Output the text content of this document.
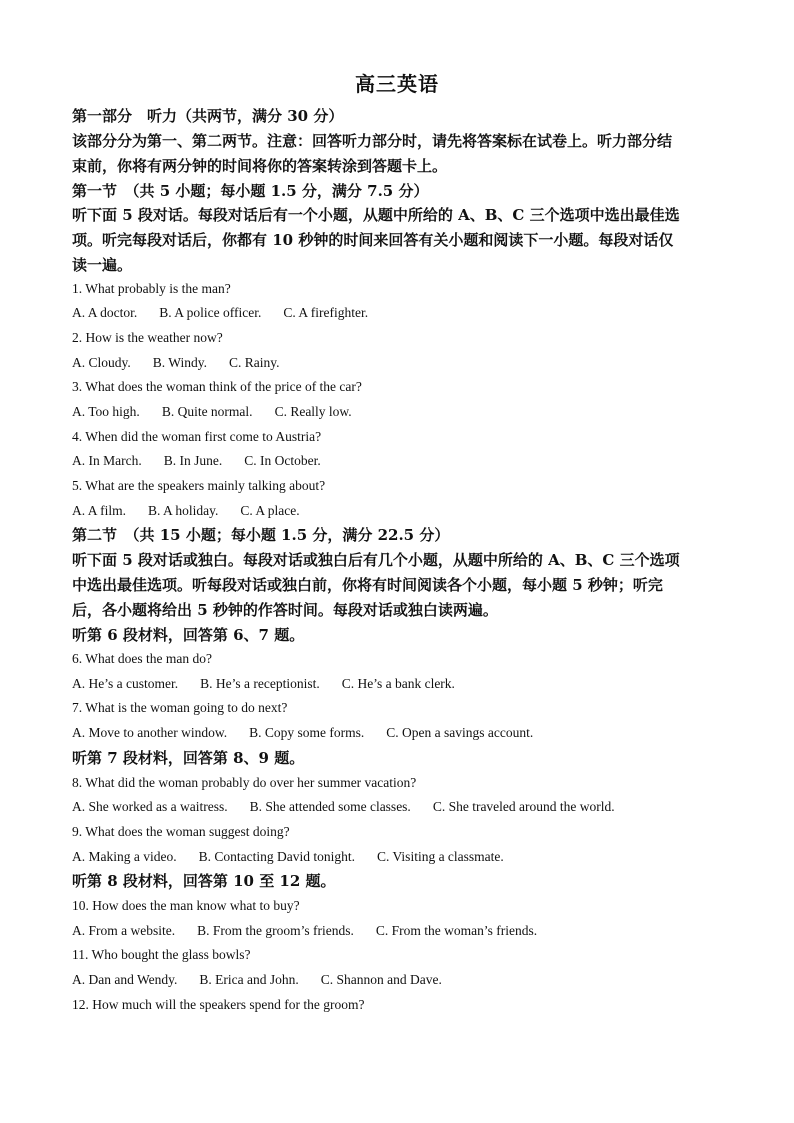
高三英语
第一部分　听力（共两节，满分 30 分）
该部分分为第一、第二两节。注意：回答听力部分时，请先将答案标在试卷上。听力部分结
束前，你将有两分钟的时间将你的答案转涂到答题卡上。
第一节　（共 5 小题；每小题 1.5 分，满分 7.5 分）
听下面 5 段对话。每段对话后有一个小题，从题中所给的 A、B、C 三个选项中选出最佳选
项。听完每段对话后，你都有 10 秒钟的时间来回答有关小题和阅读下一小题。每段对话仅
读一遍。
1. What probably is the man?
A. A doctor. B. A police officer. C. A firefighter.
2. How is the weather now?
A. Cloudy. B. Windy. C. Rainy.
3. What does the woman think of the price of the car?
A. Too high. B. Quite normal. C. Really low.
4. When did the woman first come to Austria?
A. In March. B. In June. C. In October.
5. What are the speakers mainly talking about?
A. A film. B. A holiday. C. A place.
第二节　（共 15 小题；每小题 1.5 分，满分 22.5 分）
听下面 5 段对话或独白。每段对话或独白后有几个小题，从题中所给的 A、B、C 三个选项
中选出最佳选项。听每段对话或独白前，你将有时间阅读各个小题，每小题 5 秒钟；听完
后，各小题将给出 5 秒钟的作答时间。每段对话或独白读两遍。
听第 6 段材料，回答第 6、7 题。
6. What does the man do?
A. He’s a customer. B. He’s a receptionist. C. He’s a bank clerk.
7. What is the woman going to do next?
A. Move to another window. B. Copy some forms. C. Open a savings account.
听第 7 段材料，回答第 8、9 题。
8. What did the woman probably do over her summer vacation?
A. She worked as a waitress. B. She attended some classes. C. She traveled around the world.
9. What does the woman suggest doing?
A. Making a video. B. Contacting David tonight. C. Visiting a classmate.
听第 8 段材料，回答第 10 至 12 题。
10. How does the man know what to buy?
A. From a website. B. From the groom’s friends. C. From the woman’s friends.
11. Who bought the glass bowls?
A. Dan and Wendy. B. Erica and John. C. Shannon and Dave.
12. How much will the speakers spend for the groom?
